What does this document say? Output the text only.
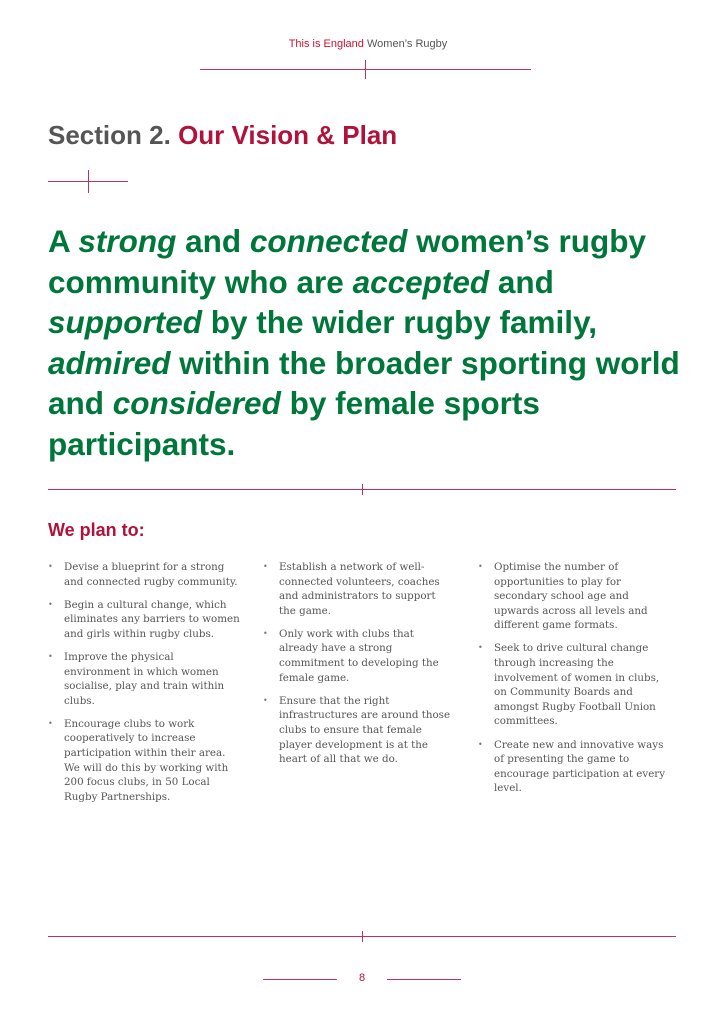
This is England Women’s Rugby
Section 2. Our Vision & Plan
A strong and connected women’s rugby community who are accepted and supported by the wider rugby family, admired within the broader sporting world and considered by female sports participants.
We plan to:
• Devise a blueprint for a strong and connected rugby community.
• Begin a cultural change, which eliminates any barriers to women and girls within rugby clubs.
• Improve the physical environment in which women socialise, play and train within clubs.
• Encourage clubs to work cooperatively to increase participation within their area. We will do this by working with 200 focus clubs, in 50 Local Rugby Partnerships.
• Establish a network of well-connected volunteers, coaches and administrators to support the game.
• Only work with clubs that already have a strong commitment to developing the female game.
• Ensure that the right infrastructures are around those clubs to ensure that female player development is at the heart of all that we do.
• Optimise the number of opportunities to play for secondary school age and upwards across all levels and different game formats.
• Seek to drive cultural change through increasing the involvement of women in clubs, on Community Boards and amongst Rugby Football Union committees.
• Create new and innovative ways of presenting the game to encourage participation at every level.
8
